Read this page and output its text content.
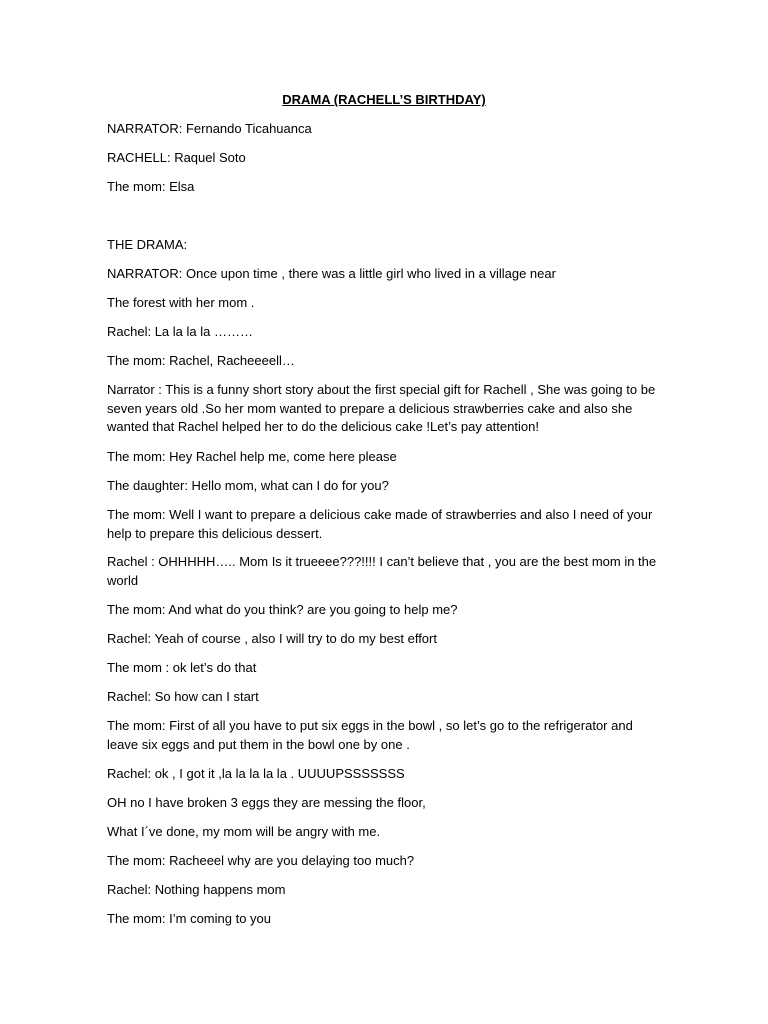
DRAMA (RACHELL’S BIRTHDAY)
NARRATOR: Fernando Ticahuanca
RACHELL: Raquel Soto
The mom: Elsa
THE DRAMA:
NARRATOR: Once upon time , there was a little girl who lived in a village near
The forest with her mom .
Rachel: La la la la ………
The mom: Rachel, Racheeeell…
Narrator : This is a funny short story about the first special gift for Rachell , She was going to be seven years old .So her mom wanted to prepare a delicious strawberries cake and also she wanted that Rachel helped her to do the delicious cake !Let’s pay attention!
The mom: Hey Rachel help me, come here please
The daughter: Hello mom, what can I do for you?
The mom: Well I want to prepare a delicious cake made of strawberries and also I need of your help to prepare this delicious dessert.
Rachel : OHHHHH….. Mom Is it trueeee???!!!! I can’t believe that , you are the best mom in the world
The mom: And what do you think? are you going to help me?
Rachel: Yeah of course , also I will try to do my best effort
The mom : ok let’s do that
Rachel: So how can I start
The mom: First of all you have to put six eggs in the bowl , so let’s go to the refrigerator and leave six eggs and put them in the bowl one by one .
Rachel: ok , I got it ,la la la la la . UUUUPSSSSSSS
OH no I have broken 3 eggs they are messing the floor,
What I´ve done, my mom will be angry with me.
The mom: Racheeel why are you delaying too much?
Rachel: Nothing happens mom
The mom: I’m coming to you
